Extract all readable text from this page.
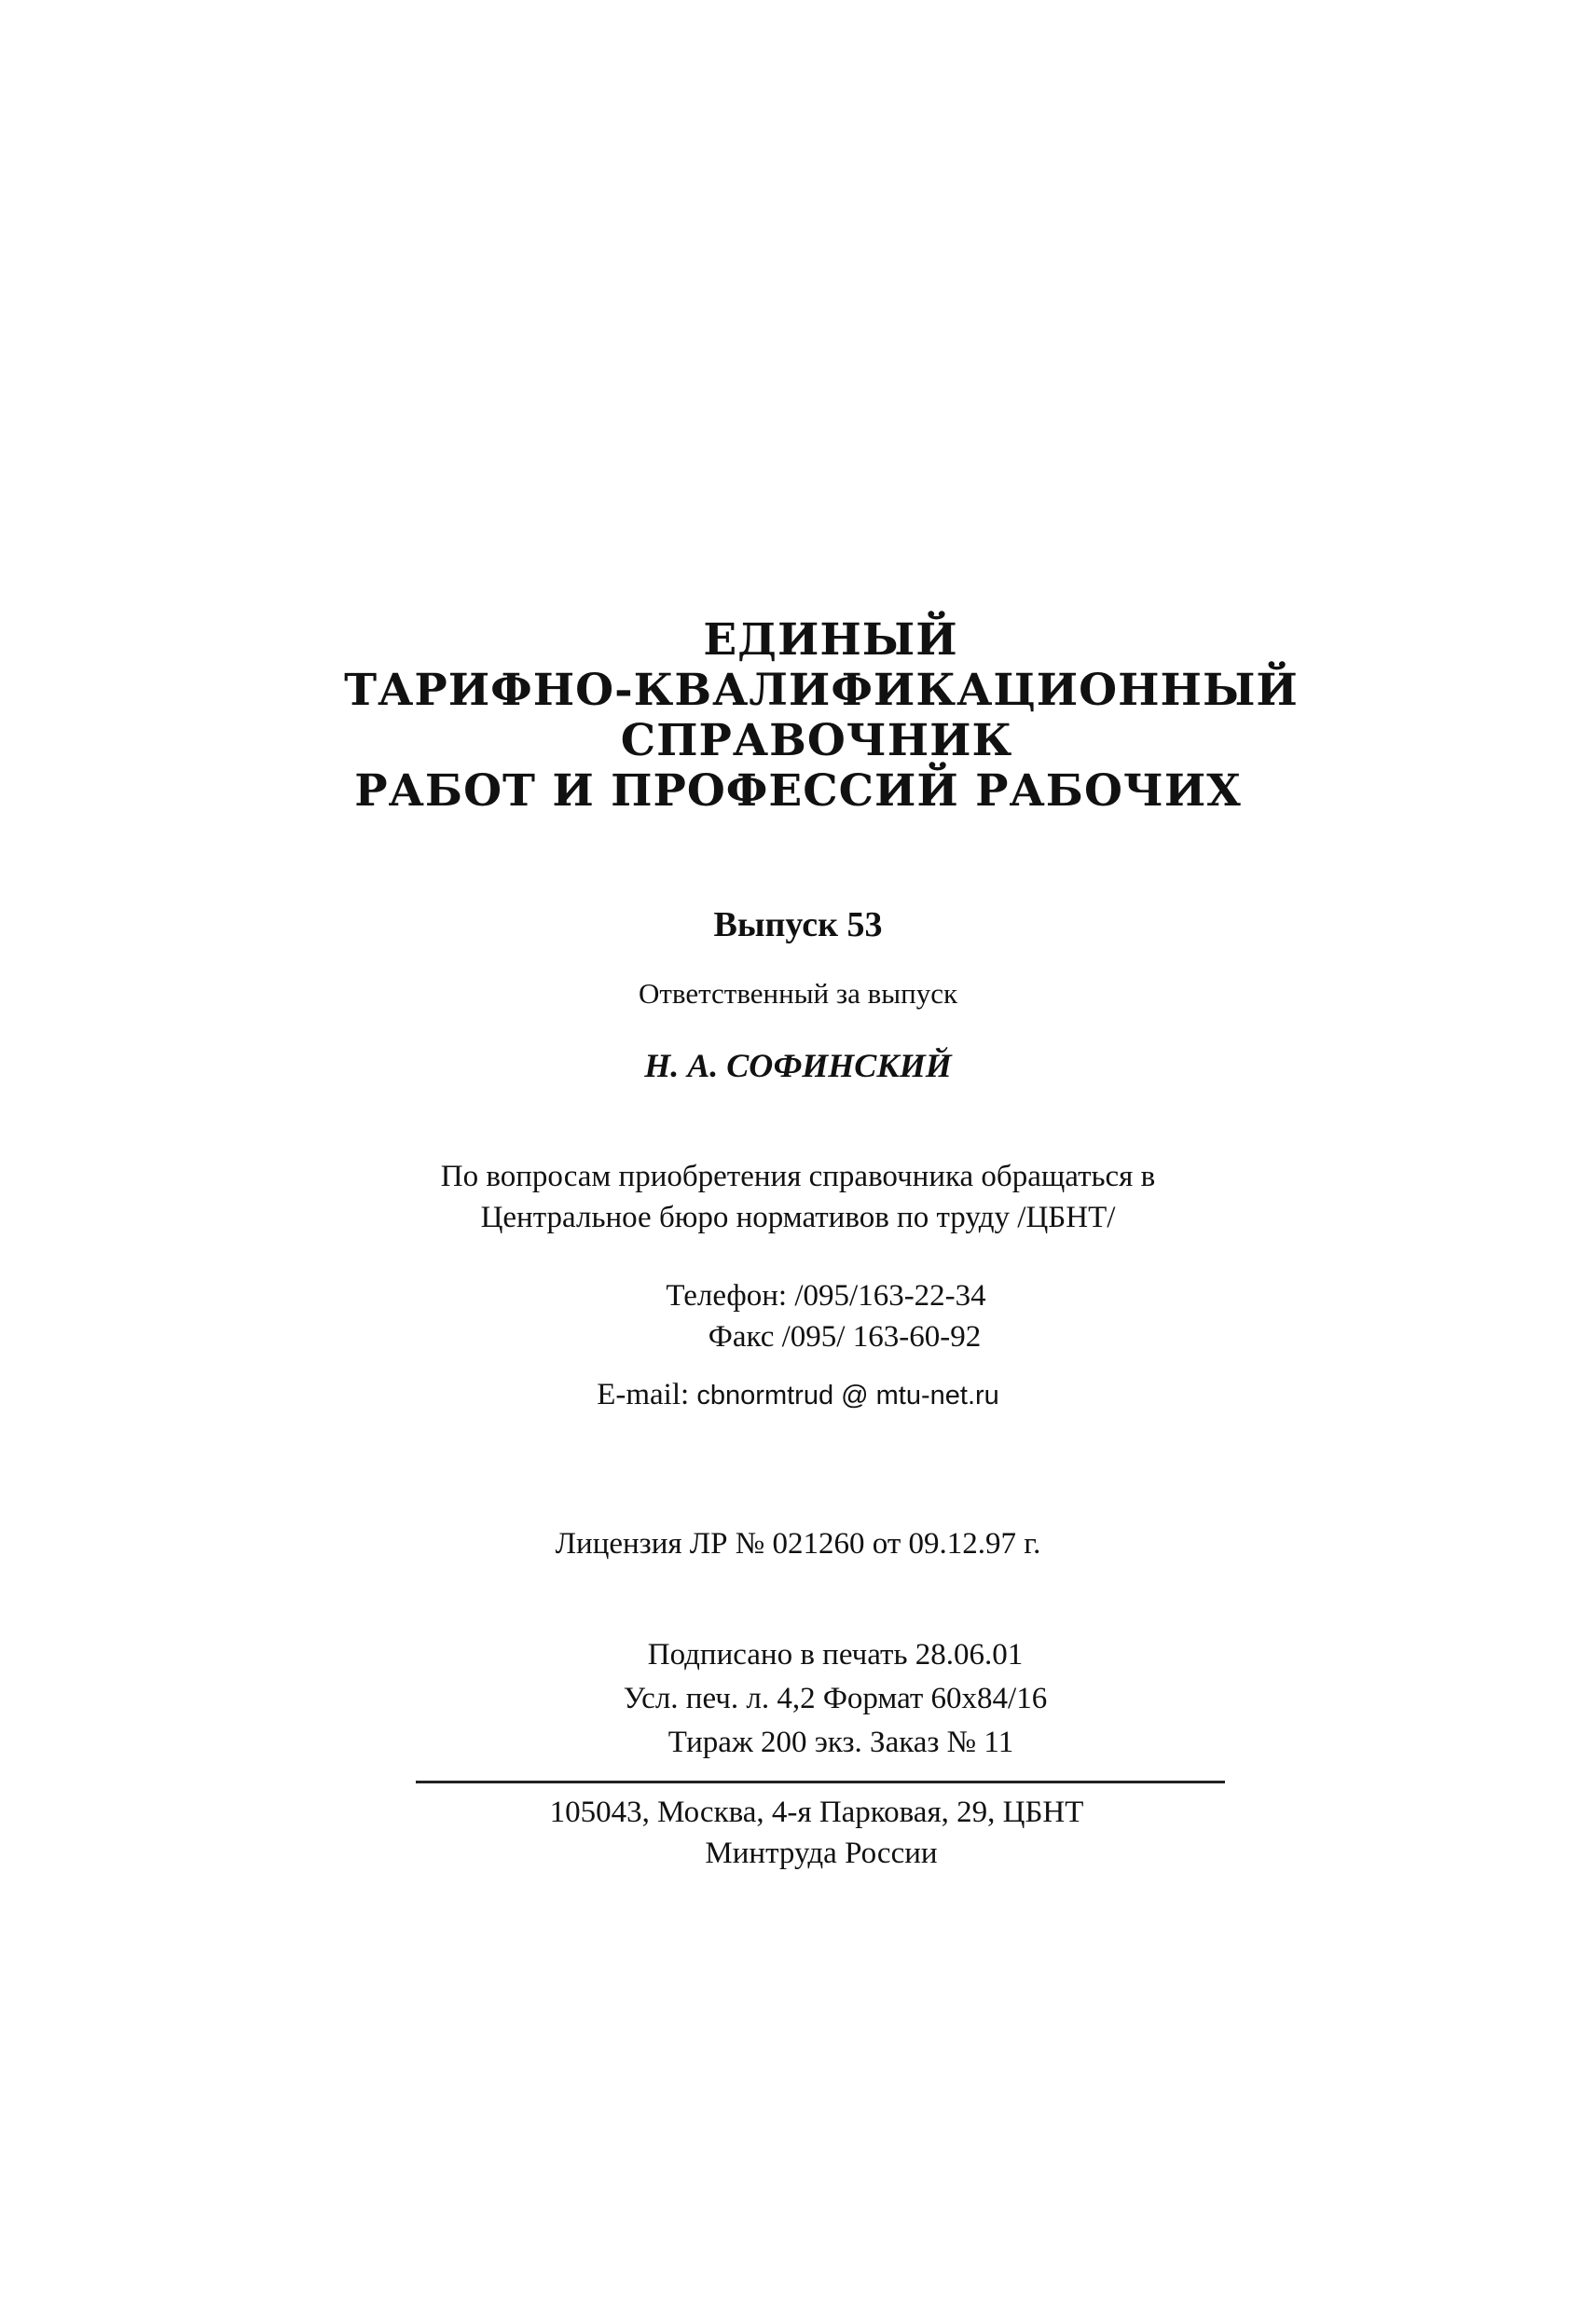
ЕДИНЫЙ
ТАРИФНО-КВАЛИФИКАЦИОННЫЙ
СПРАВОЧНИК
РАБОТ И ПРОФЕССИЙ РАБОЧИХ
Выпуск 53
Ответственный за выпуск
Н. А. СОФИНСКИЙ
По вопросам приобретения справочника обращаться в
Центральное бюро нормативов по труду /ЦБНТ/
Телефон: /095/163-22-34
Факс /095/ 163-60-92
E-mail: cbnormtrud @ mtu-net.ru
Лицензия ЛР № 021260 от 09.12.97 г.
Подписано в печать 28.06.01
Усл. печ. л. 4,2 Формат 60x84/16
Тираж 200 экз. Заказ № 11
105043, Москва, 4-я Парковая, 29, ЦБНТ
Минтруда России
